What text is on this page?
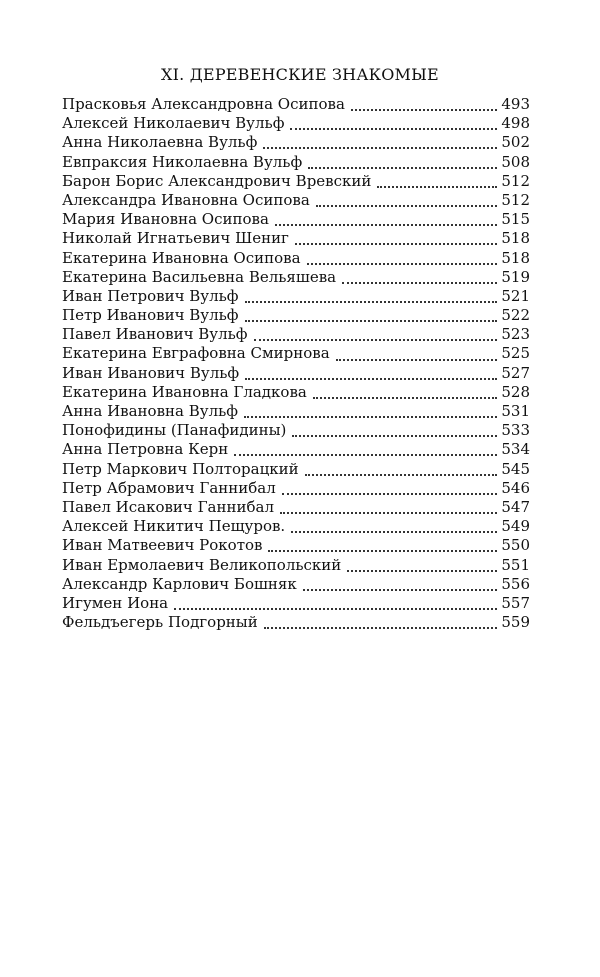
XI. ДЕРЕВЕНСКИЕ ЗНАКОМЫЕ
Прасковья Александровна Осипова	493
Алексей Николаевич Вульф	498
Анна Николаевна Вульф	502
Евпраксия Николаевна Вульф	508
Барон Борис Александрович Вревский	512
Александра Ивановна Осипова	512
Мария Ивановна Осипова	515
Николай Игнатьевич Шениг	518
Екатерина Ивановна Осипова	518
Екатерина Васильевна Вельяшева	519
Иван Петрович Вульф	521
Петр Иванович Вульф	522
Павел Иванович Вульф	523
Екатерина Евграфовна Смирнова	525
Иван Иванович Вульф	527
Екатерина Ивановна Гладкова	528
Анна Ивановна Вульф	531
Понофидины (Панафидины)	533
Анна Петровна Керн	534
Петр Маркович Полторацкий	545
Петр Абрамович Ганнибал	546
Павел Исакович Ганнибал	547
Алексей Никитич Пещуров.	549
Иван Матвеевич Рокотов	550
Иван Ермолаевич Великопольский	551
Александр Карлович Бошняк	556
Игумен Иона	557
Фельдъегерь Подгорный	559
